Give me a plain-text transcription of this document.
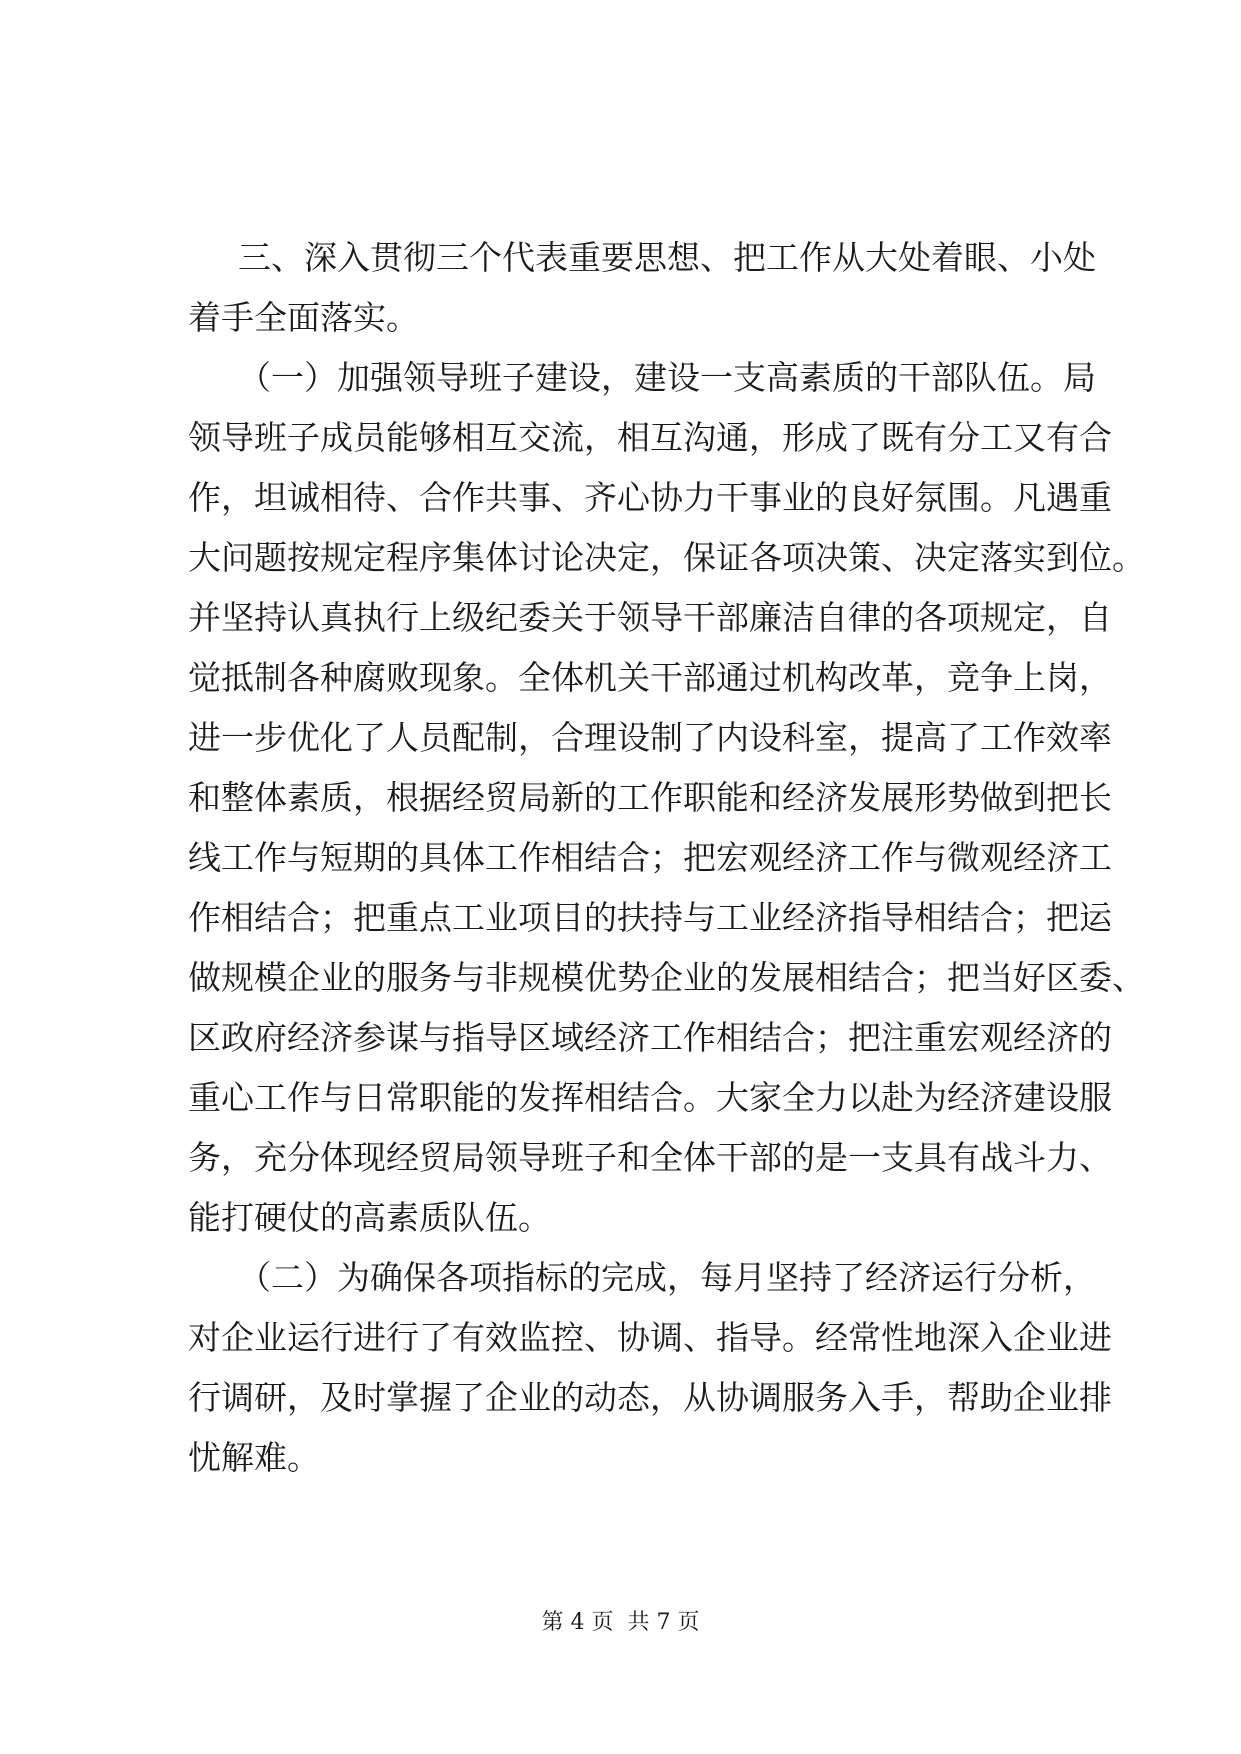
三、深入贯彻三个代表重要思想、把工作从大处着眼、小处
着手全面落实。
（一）加强领导班子建设，建设一支高素质的干部队伍。局
领导班子成员能够相互交流，相互沟通，形成了既有分工又有合
作，坦诚相待、合作共事、齐心协力干事业的良好氛围。凡遇重
大问题按规定程序集体讨论决定，保证各项决策、决定落实到位。
并坚持认真执行上级纪委关于领导干部廉洁自律的各项规定，自
觉抵制各种腐败现象。全体机关干部通过机构改革，竞争上岗，
进一步优化了人员配制，合理设制了内设科室，提高了工作效率
和整体素质，根据经贸局新的工作职能和经济发展形势做到把长
线工作与短期的具体工作相结合；把宏观经济工作与微观经济工
作相结合；把重点工业项目的扶持与工业经济指导相结合；把运
做规模企业的服务与非规模优势企业的发展相结合；把当好区委、
区政府经济参谋与指导区域经济工作相结合；把注重宏观经济的
重心工作与日常职能的发挥相结合。大家全力以赴为经济建设服
务，充分体现经贸局领导班子和全体干部的是一支具有战斗力、
能打硬仗的高素质队伍。
（二）为确保各项指标的完成，每月坚持了经济运行分析，
对企业运行进行了有效监控、协调、指导。经常性地深入企业进
行调研，及时掌握了企业的动态，从协调服务入手，帮助企业排
忧解难。
第 4 页 共 7 页
